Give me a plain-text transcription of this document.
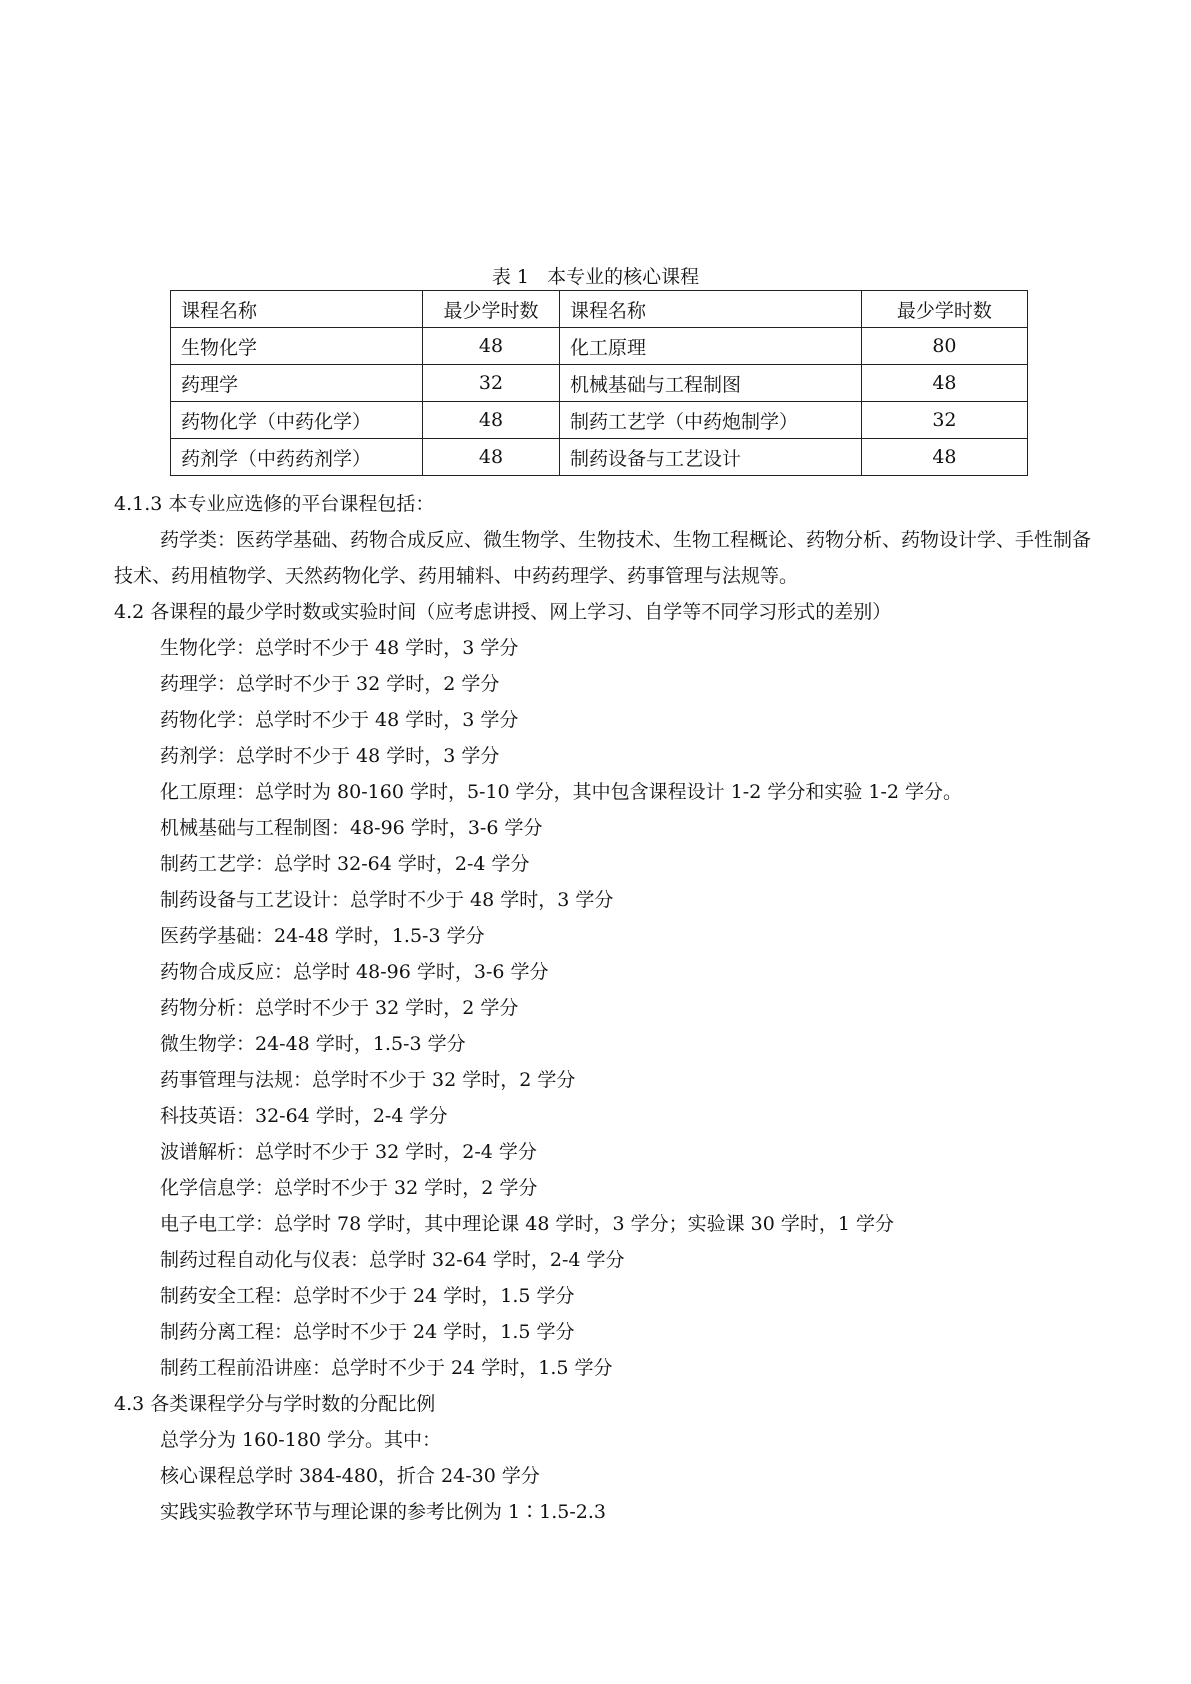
表 1   本专业的核心课程
课程名称	最少学时数	课程名称	最少学时数
生物化学	48	化工原理	80
药理学	32	机械基础与工程制图	48
药物化学（中药化学）	48	制药工艺学（中药炮制学）	32
药剂学（中药药剂学）	48	制药设备与工艺设计	48

4.1.3 本专业应选修的平台课程包括：

药学类：医药学基础、药物合成反应、微生物学、生物技术、生物工程概论、药物分析、药物设计学、手性制备技术、药用植物学、天然药物化学、药用辅料、中药药理学、药事管理与法规等。

4.2 各课程的最少学时数或实验时间（应考虑讲授、网上学习、自学等不同学习形式的差别）

生物化学：总学时不少于 48 学时，3 学分

药理学：总学时不少于 32 学时，2 学分

药物化学：总学时不少于 48 学时，3 学分

药剂学：总学时不少于 48 学时，3 学分

化工原理：总学时为 80-160 学时，5-10 学分，其中包含课程设计 1-2 学分和实验 1-2 学分。

机械基础与工程制图：48-96 学时，3-6 学分

制药工艺学：总学时 32-64 学时，2-4 学分

制药设备与工艺设计：总学时不少于 48 学时，3 学分

医药学基础：24-48 学时，1.5-3 学分

药物合成反应：总学时 48-96 学时，3-6 学分

药物分析：总学时不少于 32 学时，2 学分

微生物学：24-48 学时，1.5-3 学分

药事管理与法规：总学时不少于 32 学时，2 学分

科技英语：32-64 学时，2-4 学分

波谱解析：总学时不少于 32 学时，2-4 学分

化学信息学：总学时不少于 32 学时，2 学分

电子电工学：总学时 78 学时，其中理论课 48 学时，3 学分；实验课 30 学时，1 学分

制药过程自动化与仪表：总学时 32-64 学时，2-4 学分

制药安全工程：总学时不少于 24 学时，1.5 学分

制药分离工程：总学时不少于 24 学时，1.5 学分

制药工程前沿讲座：总学时不少于 24 学时，1.5 学分

4.3 各类课程学分与学时数的分配比例

总学分为 160-180 学分。其中：

核心课程总学时 384-480，折合 24-30 学分

实践实验教学环节与理论课的参考比例为 1∶1.5-2.3
